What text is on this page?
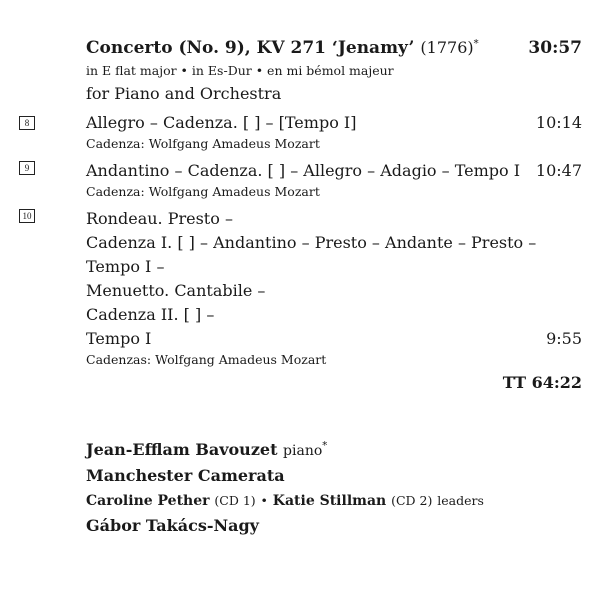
Concerto (No. 9), KV 271 ‘Jenamy’ (1776)*	30:57
in E flat major • in Es-Dur • en mi bémol majeur
for Piano and Orchestra
8	Allegro – Cadenza. [ ] – [Tempo I]	10:14
Cadenza: Wolfgang Amadeus Mozart
9	Andantino – Cadenza. [ ] – Allegro – Adagio – Tempo I 10:47
Cadenza: Wolfgang Amadeus Mozart
10	Rondeau. Presto –
Cadenza I. [ ] – Andantino – Presto – Andante – Presto –
Tempo I –
Menuetto. Cantabile –
Cadenza II. [ ] –
Tempo I	9:55
Cadenzas: Wolfgang Amadeus Mozart
TT 64:22
Jean-Efflam Bavouzet piano*
Manchester Camerata
Caroline Pether (CD 1) • Katie Stillman (CD 2) leaders
Gábor Takács-Nagy
